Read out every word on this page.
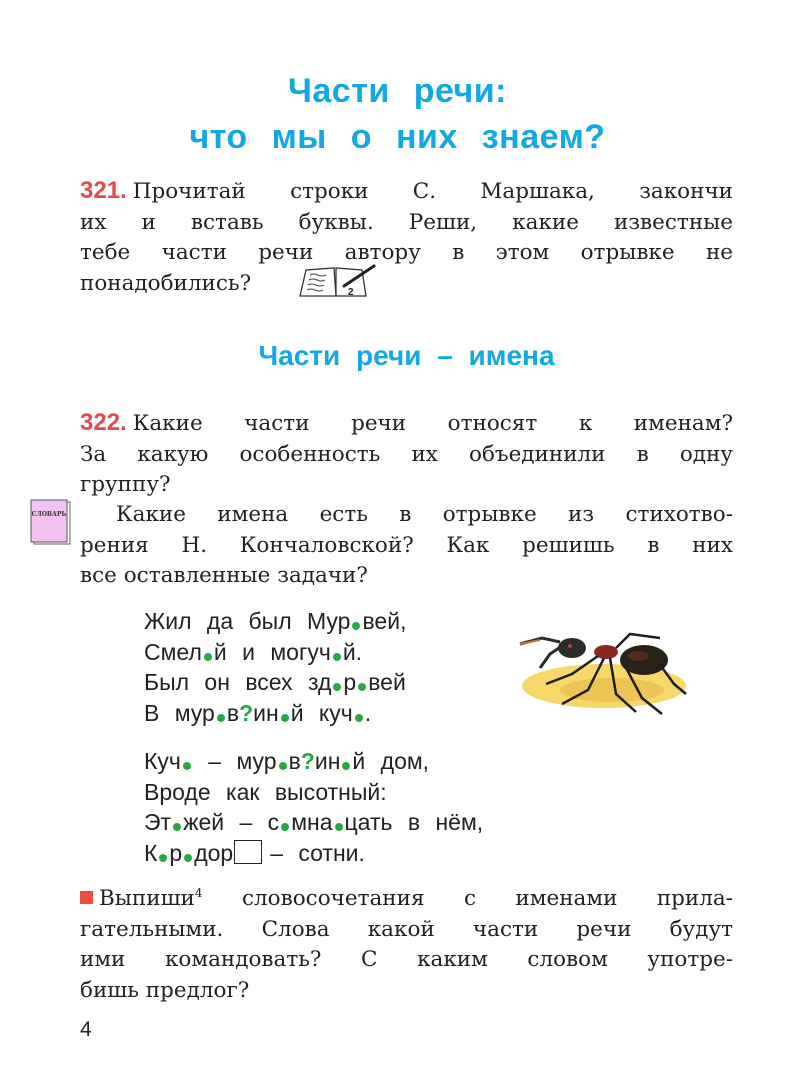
Части речи:
что мы о них знаем?
321. Прочитай строки С. Маршака, закончи
их и вставь буквы. Реши, какие известные
тебе части речи автору в этом отрывке не
понадобились?	2
Части речи – имена
322. Какие части речи относят к именам?
За какую особенность их объединили в одну
группу?
СЛОВАРЬ	Какие имена есть в отрывке из стихотво-
рения Н. Кончаловской? Как решишь в них
все оставленные задачи?
Жил да был Мур вей,
Смел й и могуч й.
Был он всех зд р вей
В мур в?ин й куч .
Куч – мур в?ин й дом,
Вроде как высотный:
Эт жей – с мна цать в нём,
К р дор – сотни.
Выпиши$^4$ словосочетания с именами прила-
гательными. Слова какой части речи будут
ими командовать? С каким словом употре-
бишь предлог?
4
